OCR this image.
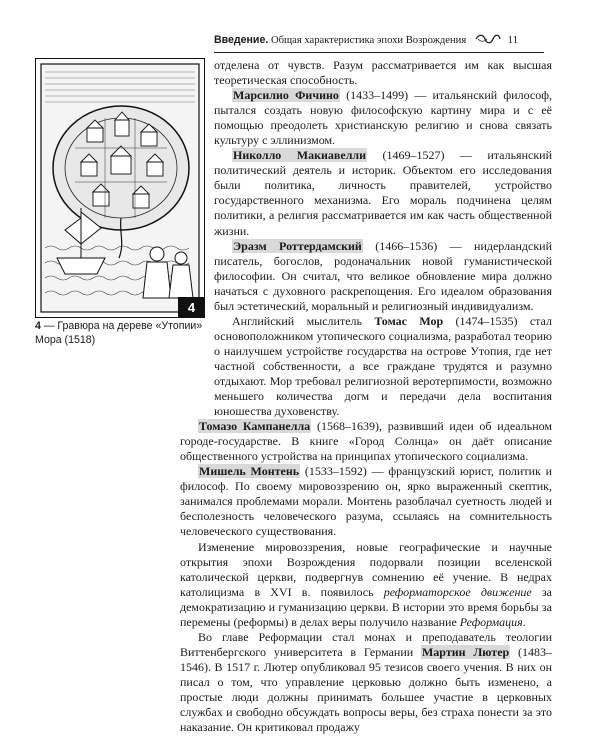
Введение. Общая характеристика эпохи Возрождения	11
4
4 — Гравюра на дереве «Утопии» Мора (1518)

отделена от чувств. Разум рассматривается им как высшая теоретическая способность.

Марсилио Фичино (1433–1499) — итальянский философ, пытался создать новую философскую картину мира и с её помощью преодолеть христианскую религию и снова связать культуру с эллинизмом.

Николло Макиавелли (1469–1527) — итальянский политический деятель и историк. Объектом его исследования были политика, личность правителей, устройство государственного механизма. Его мораль подчинена целям политики, а религия рассматривается им как часть общественной жизни.

Эразм Роттердамский (1466–1536) — нидерландский писатель, богослов, родоначальник новой гуманистической философии. Он считал, что великое обновление мира должно начаться с духовного раскрепощения. Его идеалом образования был эстетический, моральный и религиозный индивидуализм.

Английский мыслитель Томас Мор (1474–1535) стал основоположником утопического социализма, разработал теорию о наилучшем устройстве государства на острове Утопия, где нет частной собственности, а все граждане трудятся и разумно отдыхают. Мор требовал религиозной веротерпимости, возможно меньшего количества догм и передачи дела воспитания юношества духовенству.

Томазо Кампанелла (1568–1639), развивший идеи об идеальном городе-государстве. В книге «Город Солнца» он даёт описание общественного устройства на принципах утопического социализма.

Мишель Монтень (1533–1592) — французский юрист, политик и философ. По своему мировоззрению он, ярко выраженный скептик, занимался проблемами морали. Монтень разоблачал суетность людей и бесполезность человеческого разума, ссылаясь на сомнительность человеческого существования.

Изменение мировоззрения, новые географические и научные открытия эпохи Возрождения подорвали позиции вселенской католической церкви, подвергнув сомнению её учение. В недрах католицизма в XVI в. появилось реформаторское движение за демократизацию и гуманизацию церкви. В истории это время борьбы за перемены (реформы) в делах веры получило название Реформация.

Во главе Реформации стал монах и преподаватель теологии Виттенбергского университета в Германии Мартин Лютер (1483–1546). В 1517 г. Лютер опубликовал 95 тезисов своего учения. В них он писал о том, что управление церковью должно быть изменено, а простые люди должны принимать большее участие в церковных службах и свободно обсуждать вопросы веры, без страха понести за это наказание. Он критиковал продажу
